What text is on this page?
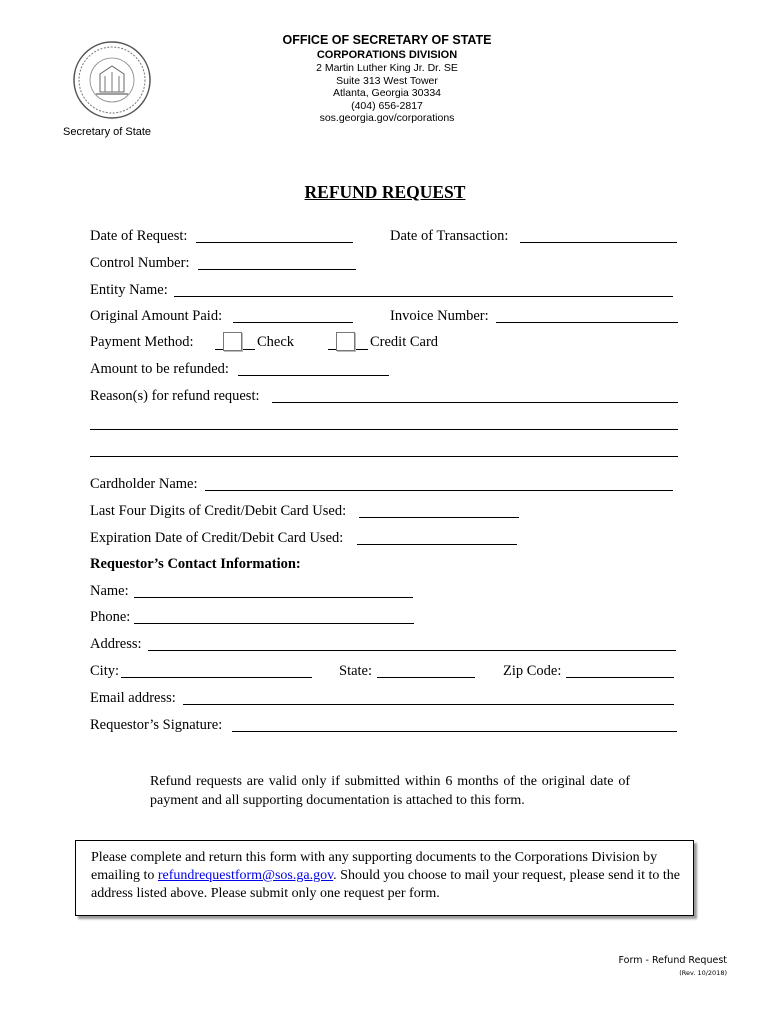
Secretary of State
OFFICE OF SECRETARY OF STATE
CORPORATIONS DIVISION
2 Martin Luther King Jr. Dr. SE
Suite 313 West Tower
Atlanta, Georgia 30334
(404) 656-2817
sos.georgia.gov/corporations
REFUND REQUEST
Date of Request:	Date of Transaction:
Control Number:
Entity Name:
Original Amount Paid:	Invoice Number:
Payment Method:	Check	Credit Card
Amount to be refunded:
Reason(s) for refund request:
Cardholder Name:
Last Four Digits of Credit/Debit Card Used:
Expiration Date of Credit/Debit Card Used:
Requestor’s Contact Information:
Name:
Phone:
Address:
City:	State:	Zip Code:
Email address:
Requestor’s Signature:
Refund requests are valid only if submitted within 6 months of the original date of payment and all supporting documentation is attached to this form.
Please complete and return this form with any supporting documents to the Corporations Division by emailing to refundrequestform@sos.ga.gov. Should you choose to mail your request, please send it to the address listed above. Please submit only one request per form.
Form - Refund Request
(Rev. 10/2018)
